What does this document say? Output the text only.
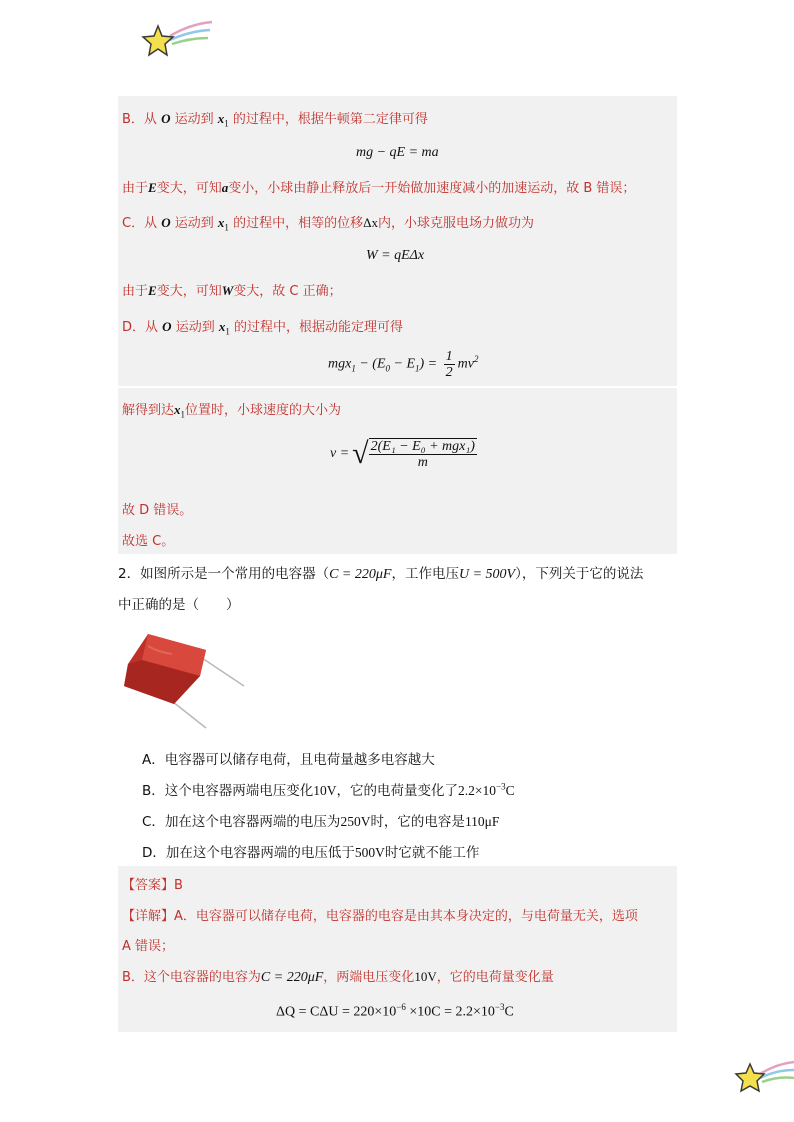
B．从 O 运动到 $x_1$ 的过程中，根据牛顿第二定律可得
mg − qE = ma
由于E变大，可知a变小，小球由静止释放后一开始做加速度减小的加速运动，故 B 错误；
C．从 O 运动到 $x_1$ 的过程中，相等的位移Δx内，小球克服电场力做功为
W = qEΔx
由于E变大，可知W变大，故 C 正确；
D．从 O 运动到 $x_1$ 的过程中，根据动能定理可得
$mgx_1 - (E_0 - E_1) = \frac{1}{2} mv^2$
解得到达$x_1$位置时，小球速度的大小为
v = √ $\frac{\text{2(E₁ − E₀ + mgx₁)}}{m}$
故 D 错误。
故选 C。
2．如图所示是一个常用的电容器（C = 220μF，工作电压U = 500V），下列关于它的说法
中正确的是（　　）
A．电容器可以储存电荷，且电荷量越多电容越大
B．这个电容器两端电压变化10V，它的电荷量变化了$2.2\times 10^{-3}C$
C．加在这个电容器两端的电压为250V时，它的电容是110μF
D．加在这个电容器两端的电压低于500V时它就不能工作
【答案】B
【详解】A．电容器可以储存电荷，电容器的电容是由其本身决定的，与电荷量无关，选项
A 错误；
B．这个电容器的电容为C = 220μF，两端电压变化10V，它的电荷量变化量
$\Delta Q = C\Delta U = 220\times 10^{-6} \times 10C = 2.2\times 10^{-3}C$
